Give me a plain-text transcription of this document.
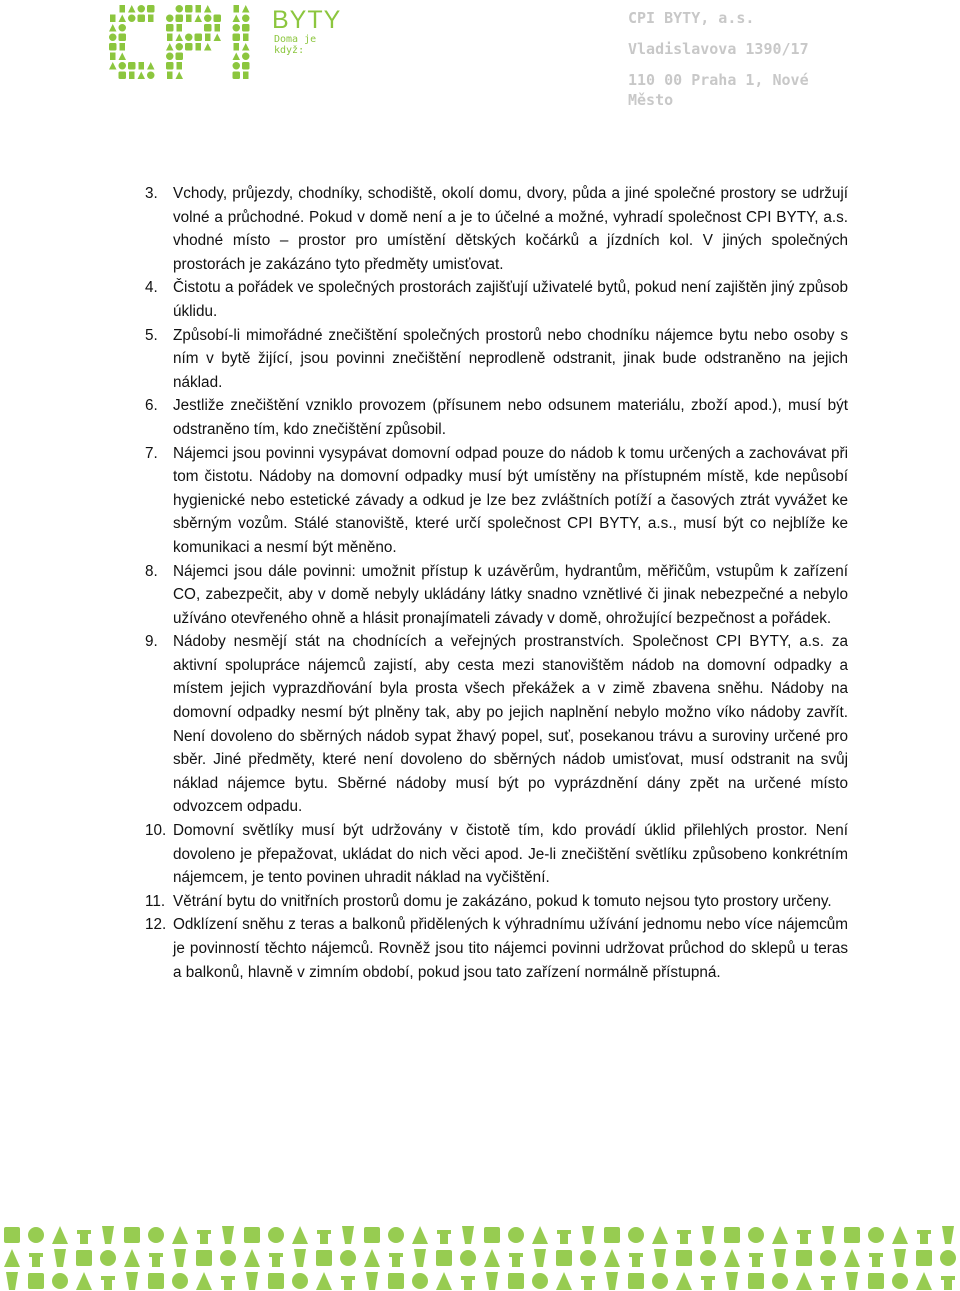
BYTY
Doma je když:
CPI BYTY, a.s.
Vladislavova 1390/17
110 00 Praha 1, Nové Město
3. Vchody, průjezdy, chodníky, schodiště, okolí domu, dvory, půda a jiné společné prostory se udržují volné a průchodné. Pokud v domě není a je to účelné a možné, vyhradí společnost CPI BYTY, a.s. vhodné místo – prostor pro umístění dětských kočárků a jízdních kol. V jiných společných prostorách je zakázáno tyto předměty umisťovat.
4. Čistotu a pořádek ve společných prostorách zajišťují uživatelé bytů, pokud není zajištěn jiný způsob úklidu.
5. Způsobí-li mimořádné znečištění společných prostorů nebo chodníku nájemce bytu nebo osoby s ním v bytě žijící, jsou povinni znečištění neprodleně odstranit, jinak bude odstraněno na jejich náklad.
6. Jestliže znečištění vzniklo provozem (přísunem nebo odsunem materiálu, zboží apod.), musí být odstraněno tím, kdo znečištění způsobil.
7. Nájemci jsou povinni vysypávat domovní odpad pouze do nádob k tomu určených a zachovávat při tom čistotu. Nádoby na domovní odpadky musí být umístěny na přístupném místě, kde nepůsobí hygienické nebo estetické závady a odkud je lze bez zvláštních potíží a časových ztrát vyvážet ke sběrným vozům. Stálé stanoviště, které určí společnost CPI BYTY, a.s., musí být co nejblíže ke komunikaci a nesmí být měněno.
8. Nájemci jsou dále povinni: umožnit přístup k uzávěrům, hydrantům, měřičům, vstupům k zařízení CO, zabezpečit, aby v domě nebyly ukládány látky snadno vznětlivé či jinak nebezpečné a nebylo užíváno otevřeného ohně a hlásit pronajímateli závady v domě, ohrožující bezpečnost a pořádek.
9. Nádoby nesmějí stát na chodnících a veřejných prostranstvích. Společnost CPI BYTY, a.s. za aktivní spolupráce nájemců zajistí, aby cesta mezi stanovištěm nádob na domovní odpadky a místem jejich vyprazdňování byla prosta všech překážek a v zimě zbavena sněhu. Nádoby na domovní odpadky nesmí být plněny tak, aby po jejich naplnění nebylo možno víko nádoby zavřít. Není dovoleno do sběrných nádob sypat žhavý popel, suť, posekanou trávu a suroviny určené pro sběr. Jiné předměty, které není dovoleno do sběrných nádob umisťovat, musí odstranit na svůj náklad nájemce bytu. Sběrné nádoby musí být po vyprázdnění dány zpět na určené místo odvozcem odpadu.
10. Domovní světlíky musí být udržovány v čistotě tím, kdo provádí úklid přilehlých prostor. Není dovoleno je přepažovat, ukládat do nich věci apod. Je-li znečištění světlíku způsobeno konkrétním nájemcem, je tento povinen uhradit náklad na vyčištění.
11. Větrání bytu do vnitřních prostorů domu je zakázáno, pokud k tomuto nejsou tyto prostory určeny.
12. Odklízení sněhu z teras a balkonů přidělených k výhradnímu užívání jednomu nebo více nájemcům je povinností těchto nájemců. Rovněž jsou tito nájemci povinni udržovat průchod do sklepů u teras a balkonů, hlavně v zimním období, pokud jsou tato zařízení normálně přístupná.
